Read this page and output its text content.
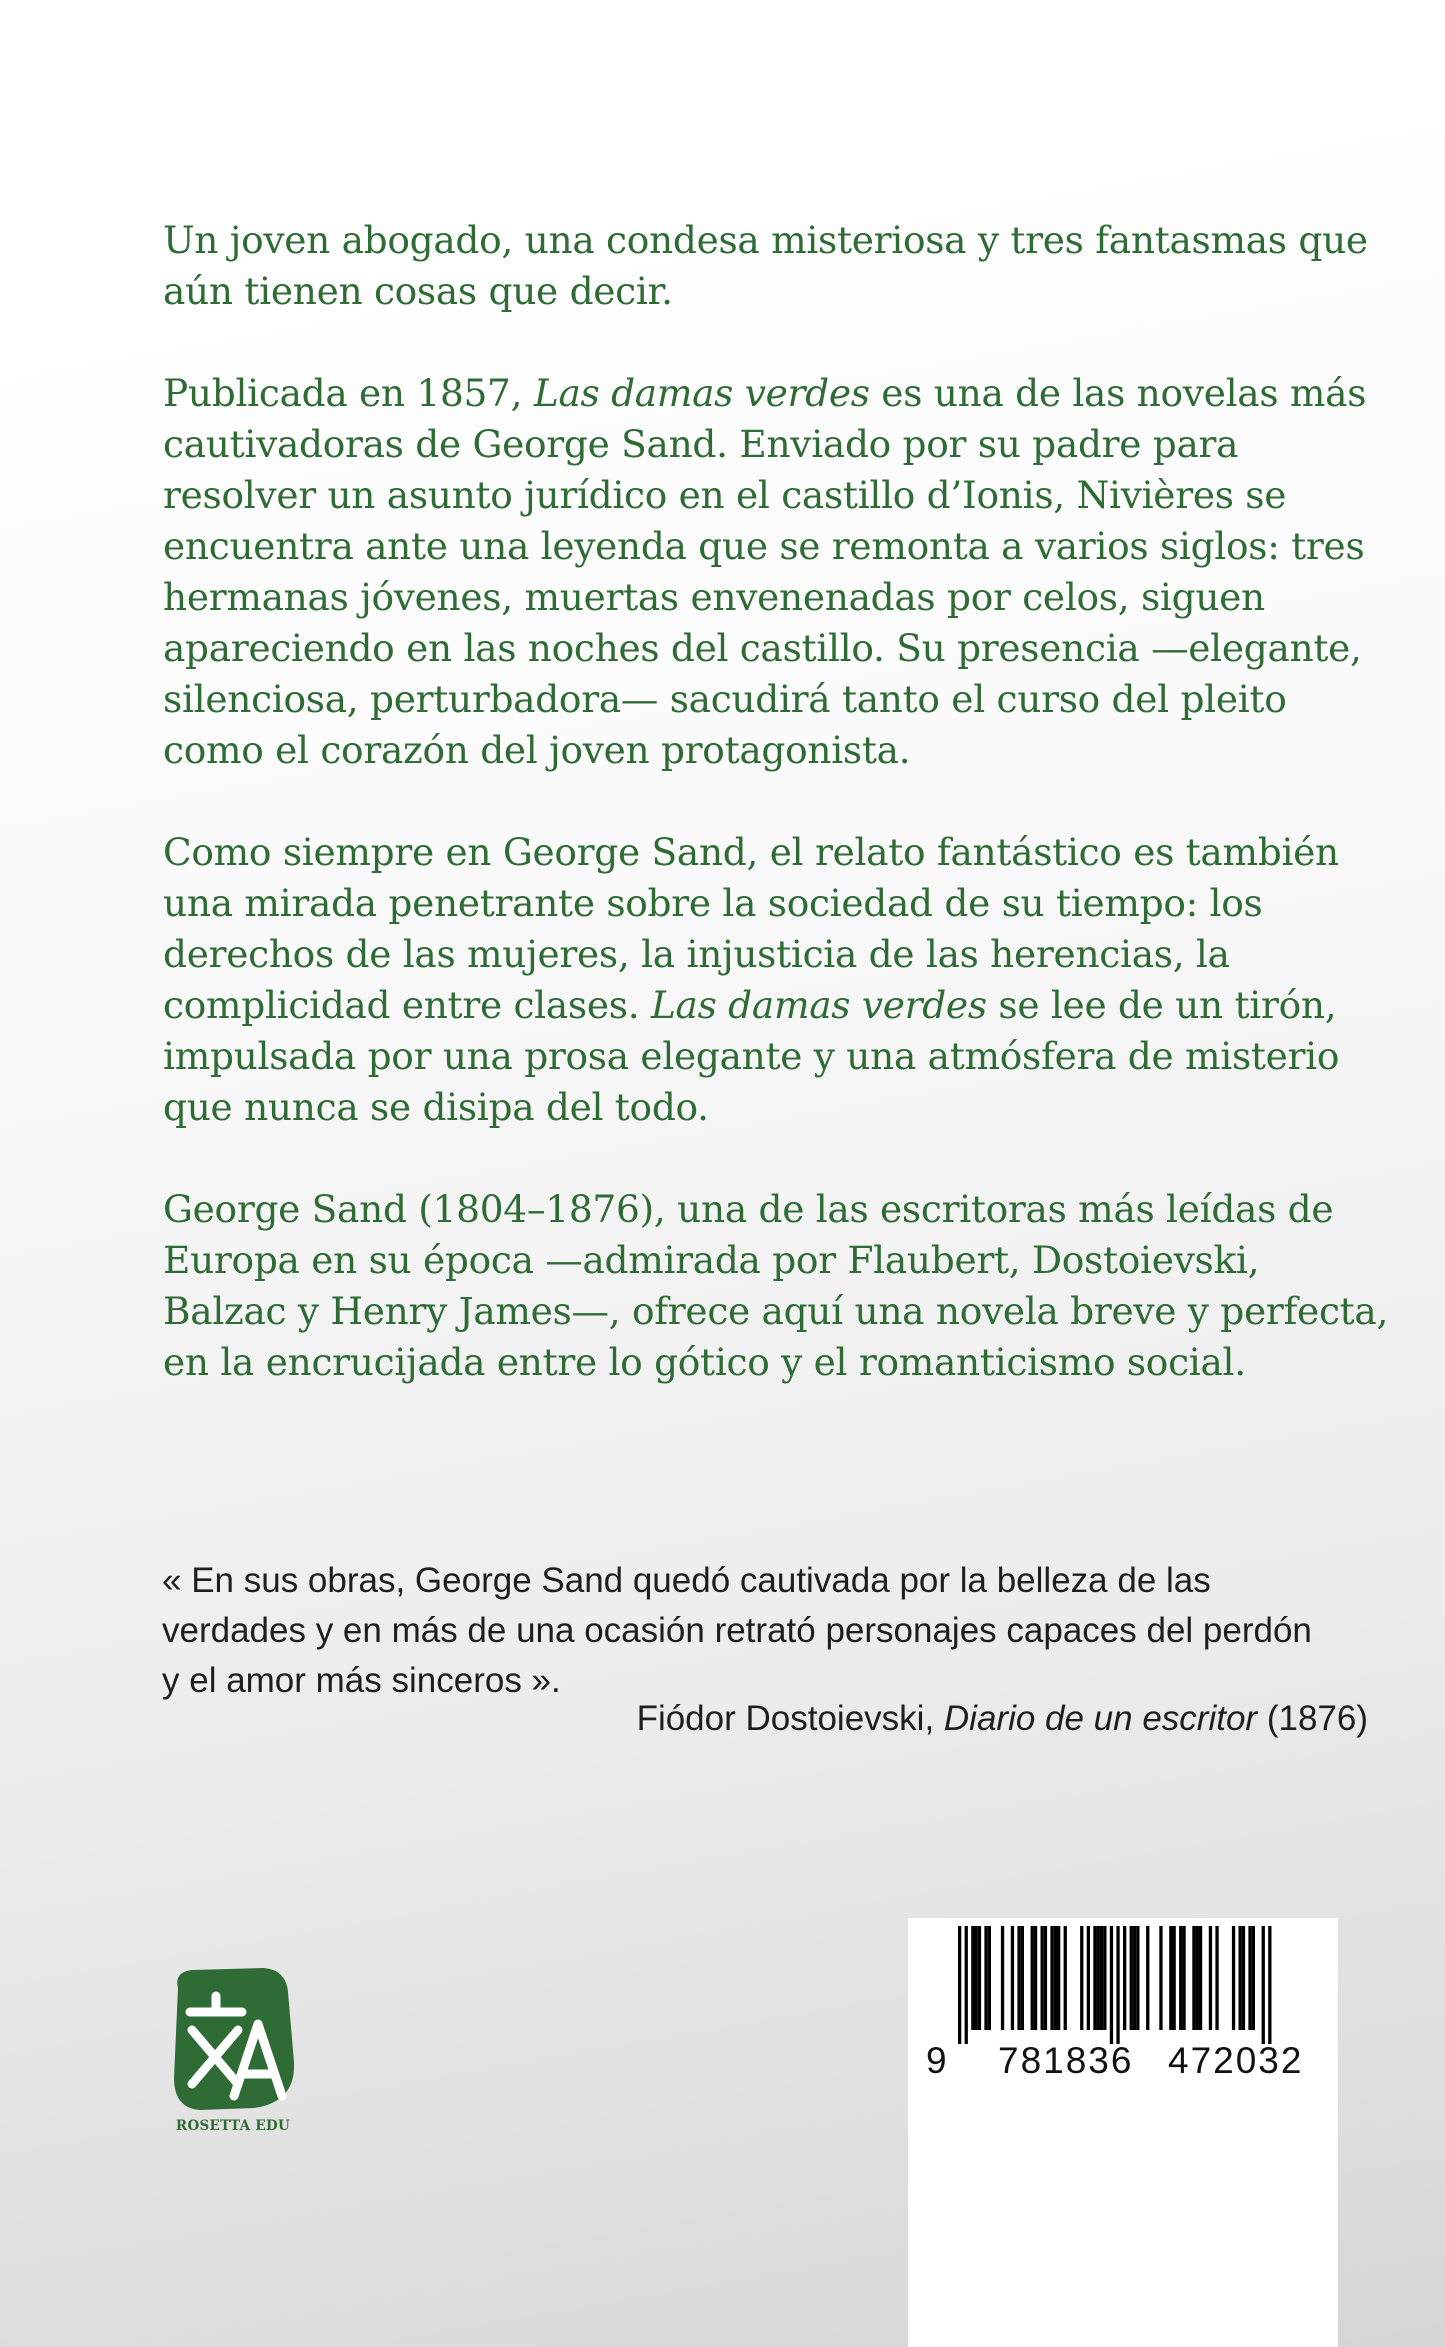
Un joven abogado, una condesa misteriosa y tres fantasmas que
aún tienen cosas que decir.

Publicada en 1857, Las damas verdes es una de las novelas más
cautivadoras de George Sand. Enviado por su padre para
resolver un asunto jurídico en el castillo d’Ionis, Nivières se
encuentra ante una leyenda que se remonta a varios siglos: tres
hermanas jóvenes, muertas envenenadas por celos, siguen
apareciendo en las noches del castillo. Su presencia —elegante,
silenciosa, perturbadora— sacudirá tanto el curso del pleito
como el corazón del joven protagonista.

Como siempre en George Sand, el relato fantástico es también
una mirada penetrante sobre la sociedad de su tiempo: los
derechos de las mujeres, la injusticia de las herencias, la
complicidad entre clases. Las damas verdes se lee de un tirón,
impulsada por una prosa elegante y una atmósfera de misterio
que nunca se disipa del todo.

George Sand (1804–1876), una de las escritoras más leídas de
Europa en su época —admirada por Flaubert, Dostoievski,
Balzac y Henry James—, ofrece aquí una novela breve y perfecta,
en la encrucijada entre lo gótico y el romanticismo social.

« En sus obras, George Sand quedó cautivada por la belleza de las
verdades y en más de una ocasión retrató personajes capaces del perdón
y el amor más sinceros ».
Fiódor Dostoievski, Diario de un escritor (1876)
ROSETTA EDU
9 781836 472032
